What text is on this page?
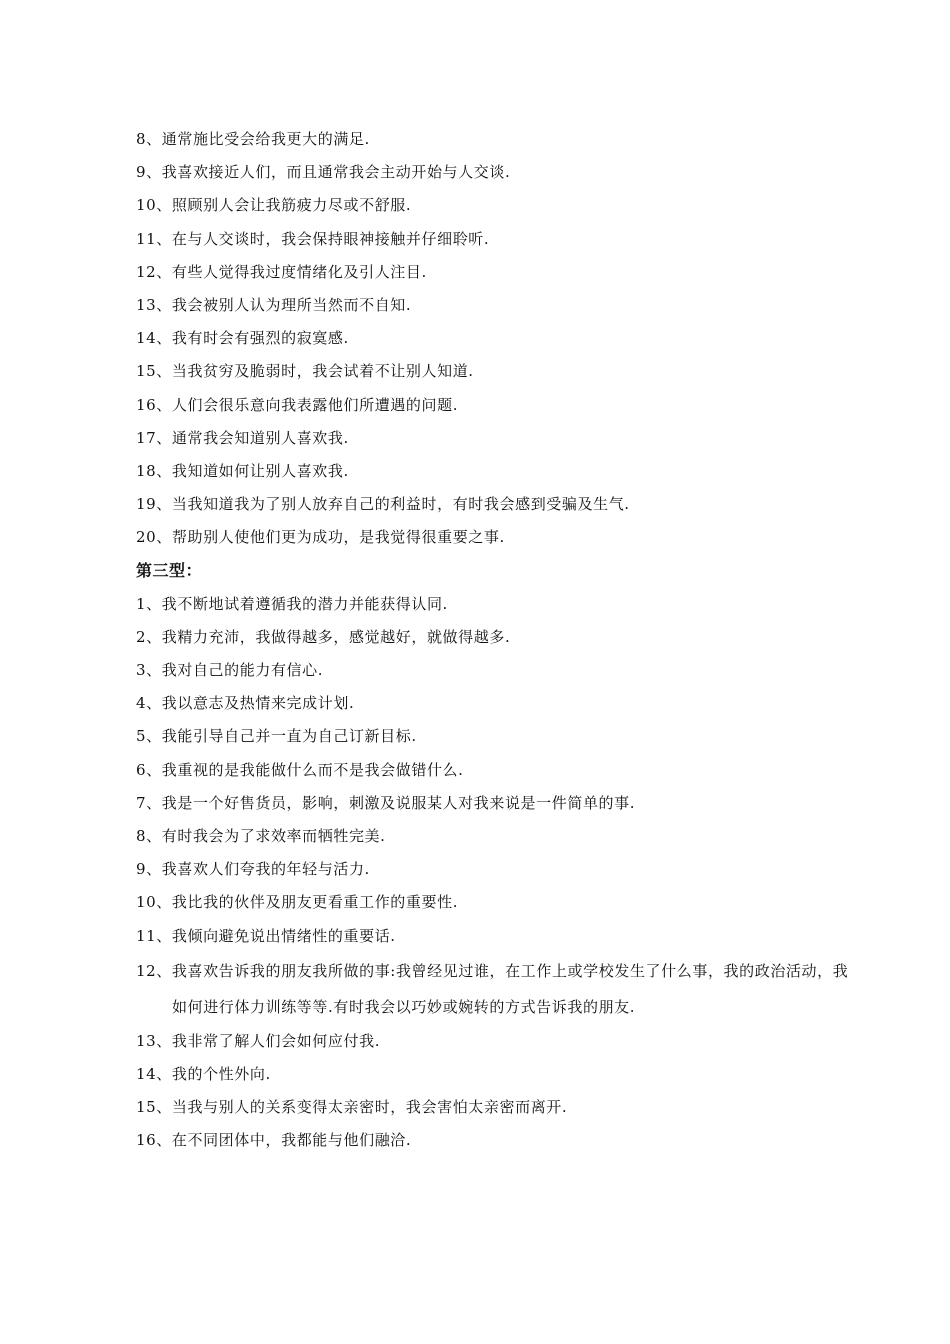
8、通常施比受会给我更大的满足.
9、我喜欢接近人们，而且通常我会主动开始与人交谈.
10、照顾别人会让我筋疲力尽或不舒服.
11、在与人交谈时，我会保持眼神接触并仔细聆听.
12、有些人觉得我过度情绪化及引人注目.
13、我会被别人认为理所当然而不自知.
14、我有时会有强烈的寂寞感.
15、当我贫穷及脆弱时，我会试着不让别人知道.
16、人们会很乐意向我表露他们所遭遇的问题.
17、通常我会知道别人喜欢我.
18、我知道如何让别人喜欢我.
19、当我知道我为了别人放弃自己的利益时，有时我会感到受骗及生气.
20、帮助别人使他们更为成功，是我觉得很重要之事.
第三型：
1、我不断地试着遵循我的潜力并能获得认同.
2、我精力充沛，我做得越多，感觉越好，就做得越多.
3、我对自己的能力有信心.
4、我以意志及热情来完成计划.
5、我能引导自己并一直为自己订新目标.
6、我重视的是我能做什么而不是我会做错什么.
7、我是一个好售货员，影响，刺激及说服某人对我来说是一件简单的事.
8、有时我会为了求效率而牺牲完美.
9、我喜欢人们夸我的年轻与活力.
10、我比我的伙伴及朋友更看重工作的重要性.
11、我倾向避免说出情绪性的重要话.
12、我喜欢告诉我的朋友我所做的事:我曾经见过谁，在工作上或学校发生了什么事，我的政治活动，我如何进行体力训练等等.有时我会以巧妙或婉转的方式告诉我的朋友.
13、我非常了解人们会如何应付我.
14、我的个性外向.
15、当我与别人的关系变得太亲密时，我会害怕太亲密而离开.
16、在不同团体中，我都能与他们融洽.
